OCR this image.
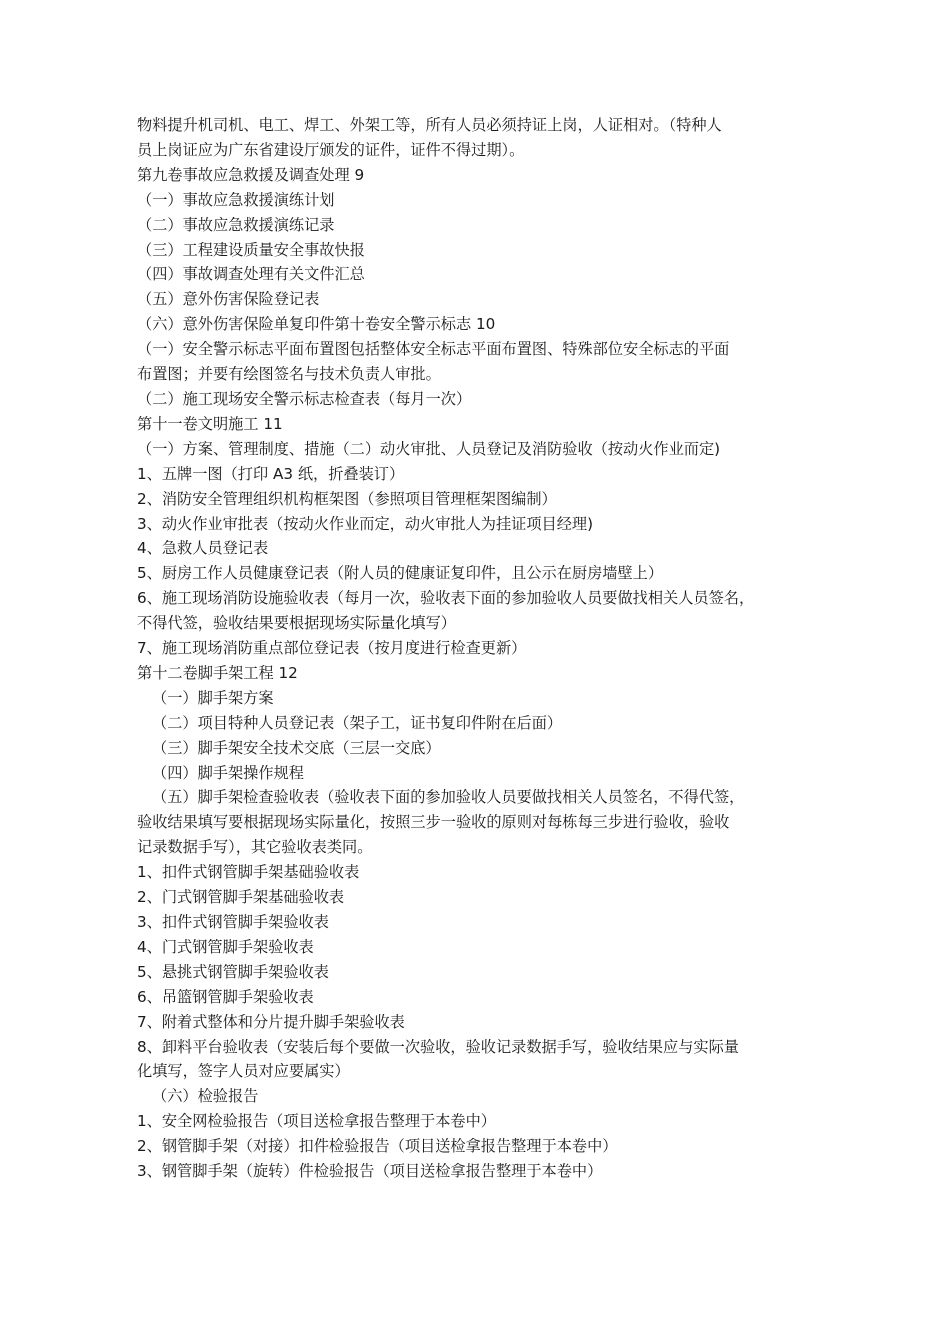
物料提升机司机、电工、焊工、外架工等，所有人员必须持证上岗，人证相对。（特种人

员上岗证应为广东省建设厅颁发的证件，证件不得过期）。

第九卷事故应急救援及调查处理 9

（一）事故应急救援演练计划

（二）事故应急救援演练记录

（三）工程建设质量安全事故快报

（四）事故调查处理有关文件汇总

（五）意外伤害保险登记表

（六）意外伤害保险单复印件第十卷安全警示标志 10

（一）安全警示标志平面布置图包括整体安全标志平面布置图、特殊部位安全标志的平面

布置图；并要有绘图签名与技术负责人审批。

（二）施工现场安全警示标志检查表（每月一次）

第十一卷文明施工 11

（一）方案、管理制度、措施（二）动火审批、人员登记及消防验收（按动火作业而定)

1、五牌一图（打印 A3 纸，折叠装订）

2、消防安全管理组织机构框架图（参照项目管理框架图编制）

3、动火作业审批表（按动火作业而定，动火审批人为挂证项目经理)

4、急救人员登记表

5、厨房工作人员健康登记表（附人员的健康证复印件，且公示在厨房墙壁上）

6、施工现场消防设施验收表（每月一次，验收表下面的参加验收人员要做找相关人员签名，

不得代签，验收结果要根据现场实际量化填写）

7、施工现场消防重点部位登记表（按月度进行检查更新）

第十二卷脚手架工程 12

（一）脚手架方案

（二）项目特种人员登记表（架子工，证书复印件附在后面）

（三）脚手架安全技术交底（三层一交底）

（四）脚手架操作规程

（五）脚手架检查验收表（验收表下面的参加验收人员要做找相关人员签名，不得代签，

验收结果填写要根据现场实际量化，按照三步一验收的原则对每栋每三步进行验收，验收

记录数据手写），其它验收表类同。

1、扣件式钢管脚手架基础验收表

2、门式钢管脚手架基础验收表

3、扣件式钢管脚手架验收表

4、门式钢管脚手架验收表

5、悬挑式钢管脚手架验收表

6、吊篮钢管脚手架验收表

7、附着式整体和分片提升脚手架验收表

8、卸料平台验收表（安装后每个要做一次验收，验收记录数据手写，验收结果应与实际量

化填写，签字人员对应要属实）

（六）检验报告

1、安全网检验报告（项目送检拿报告整理于本卷中）

2、钢管脚手架（对接）扣件检验报告（项目送检拿报告整理于本卷中）

3、钢管脚手架（旋转）件检验报告（项目送检拿报告整理于本卷中）
